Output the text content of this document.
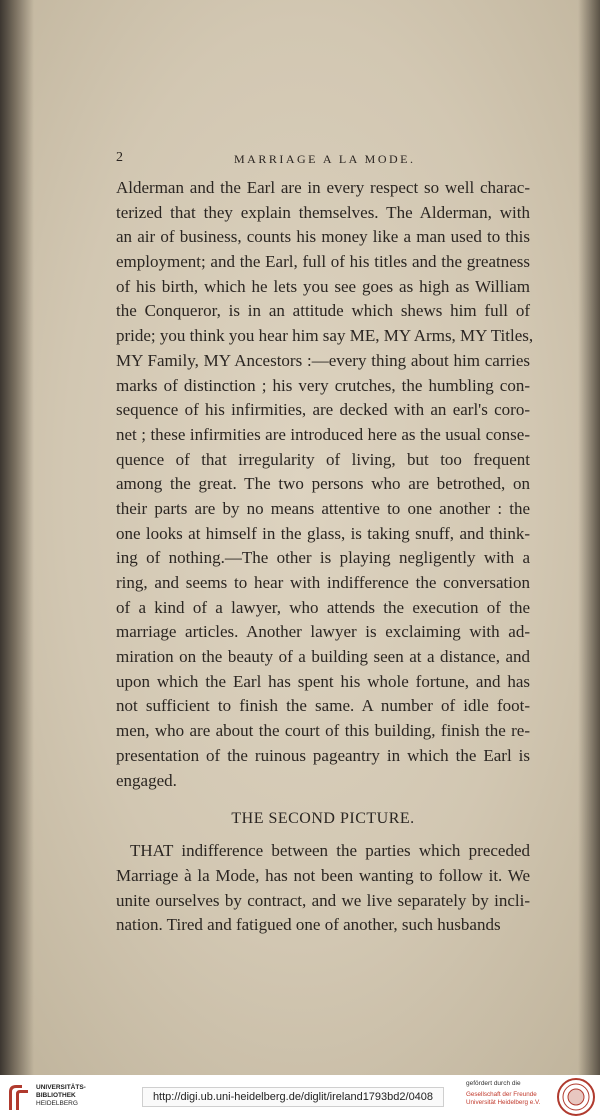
2	MARRIAGE A LA MODE.
Alderman and the Earl are in every respect so well charac-
terized that they explain themselves. The Alderman, with
an air of business, counts his money like a man used to this
employment; and the Earl, full of his titles and the greatness
of his birth, which he lets you see goes as high as William
the Conqueror, is in an attitude which shews him full of
pride; you think you hear him say ME, MY Arms, MY Titles,
MY Family, MY Ancestors :—every thing about him carries
marks of distinction ; his very crutches, the humbling con-
sequence of his infirmities, are decked with an earl's coro-
net ; these infirmities are introduced here as the usual conse-
quence of that irregularity of living, but too frequent
among the great. The two persons who are betrothed, on
their parts are by no means attentive to one another : the
one looks at himself in the glass, is taking snuff, and think-
ing of nothing.—The other is playing negligently with a
ring, and seems to hear with indifference the conversation
of a kind of a lawyer, who attends the execution of the
marriage articles. Another lawyer is exclaiming with ad-
miration on the beauty of a building seen at a distance, and
upon which the Earl has spent his whole fortune, and has
not sufficient to finish the same. A number of idle foot-
men, who are about the court of this building, finish the re-
presentation of the ruinous pageantry in which the Earl is
engaged.
THE SECOND PICTURE.
THAT indifference between the parties which preceded
Marriage à la Mode, has not been wanting to follow it. We
unite ourselves by contract, and we live separately by incli-
nation. Tired and fatigued one of another, such husbands
UNIVERSITÄTS-
BIBLIOTHEK
HEIDELBERG
http://digi.ub.uni-heidelberg.de/diglit/ireland1793bd2/0408
gefördert durch die
Gesellschaft der Freunde
Universität Heidelberg e.V.
